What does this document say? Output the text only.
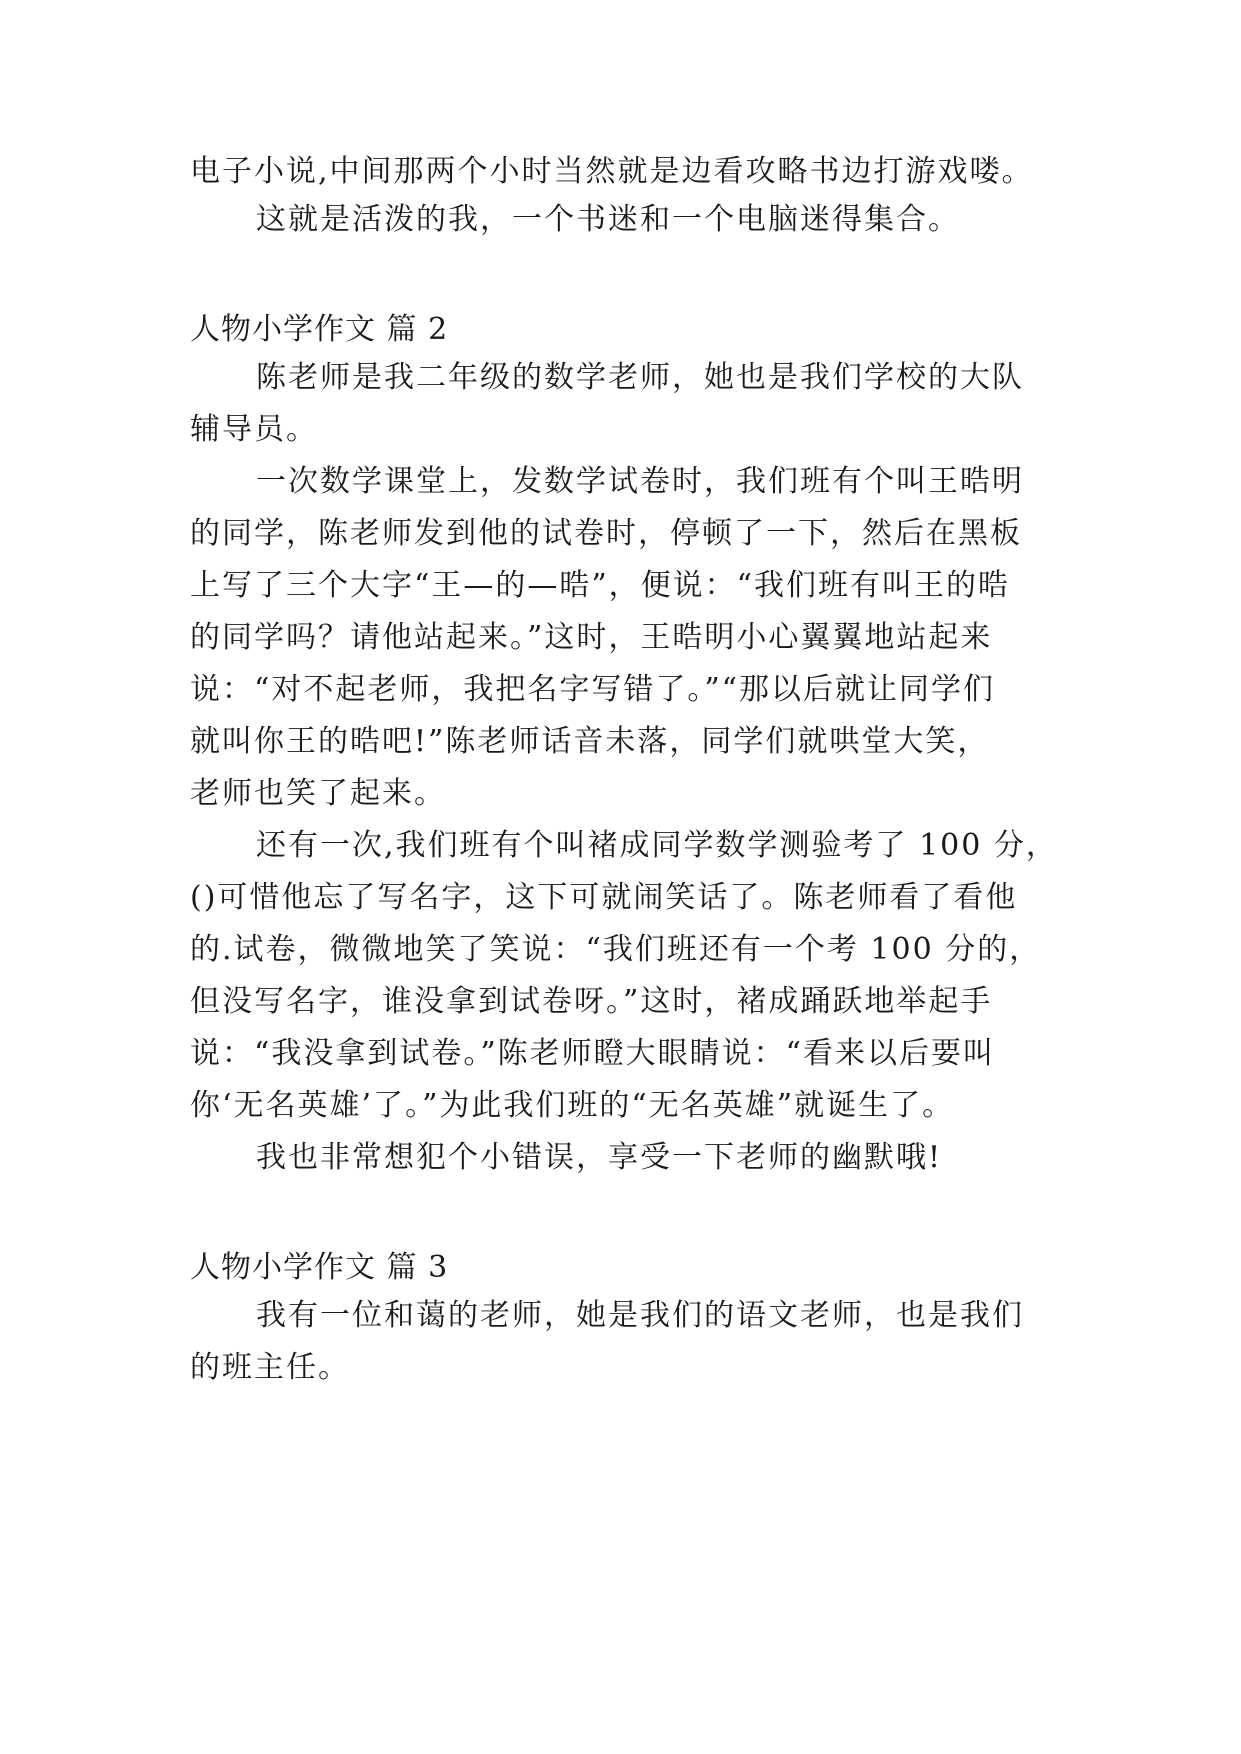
电子小说,中间那两个小时当然就是边看攻略书边打游戏喽。
这就是活泼的我，一个书迷和一个电脑迷得集合。
人物小学作文 篇 2
陈老师是我二年级的数学老师，她也是我们学校的大队
辅导员。
一次数学课堂上，发数学试卷时，我们班有个叫王晧明
的同学，陈老师发到他的试卷时，停顿了一下，然后在黑板
上写了三个大字“王—的—晧”，便说：“我们班有叫王的晧
的同学吗？请他站起来。”这时，王晧明小心翼翼地站起来
说：“对不起老师，我把名字写错了。”“那以后就让同学们
就叫你王的晧吧!”陈老师话音未落，同学们就哄堂大笑，
老师也笑了起来。
还有一次,我们班有个叫褚成同学数学测验考了 100 分，
()可惜他忘了写名字，这下可就闹笑话了。陈老师看了看他
的.试卷，微微地笑了笑说：“我们班还有一个考 100 分的，
但没写名字，谁没拿到试卷呀。”这时，褚成踊跃地举起手
说：“我没拿到试卷。”陈老师瞪大眼睛说：“看来以后要叫
你‘无名英雄’了。”为此我们班的“无名英雄”就诞生了。
我也非常想犯个小错误，享受一下老师的幽默哦!
人物小学作文 篇 3
我有一位和蔼的老师，她是我们的语文老师，也是我们
的班主任。
